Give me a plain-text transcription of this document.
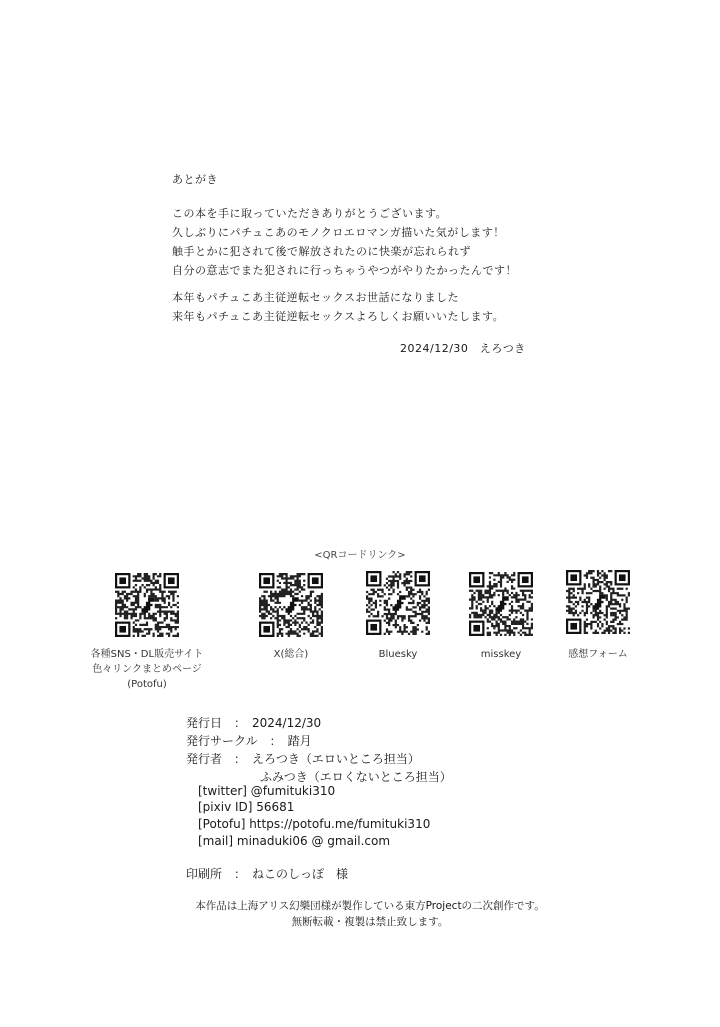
あとがき
この本を手に取っていただきありがとうございます。
久しぶりにパチュこあのモノクロエロマンガ描いた気がします！
触手とかに犯されて後で解放されたのに快楽が忘れられず
自分の意志でまた犯されに行っちゃうやつがやりたかったんです！
本年もパチュこあ主従逆転セックスお世話になりました
来年もパチュこあ主従逆転セックスよろしくお願いいたします。
2024/12/30　えろつき
<QRコードリンク>
各種SNS・DL販売サイト
色々リンクまとめページ
(Potofu)
X(総合)	Bluesky	misskey	感想フォーム
発行日　：　2024/12/30
発行サークル　：　踏月
発行者　：　えろつき（エロいところ担当）
ふみつき（エロくないところ担当）
[twitter] @fumituki310
[pixiv ID] 56681
[Potofu] https://potofu.me/fumituki310
[mail] minaduki06 @ gmail.com
印刷所　：　ねこのしっぽ　様
本作品は上海アリス幻樂団様が製作している東方Projectの二次創作です。
無断転載・複製は禁止致します。
